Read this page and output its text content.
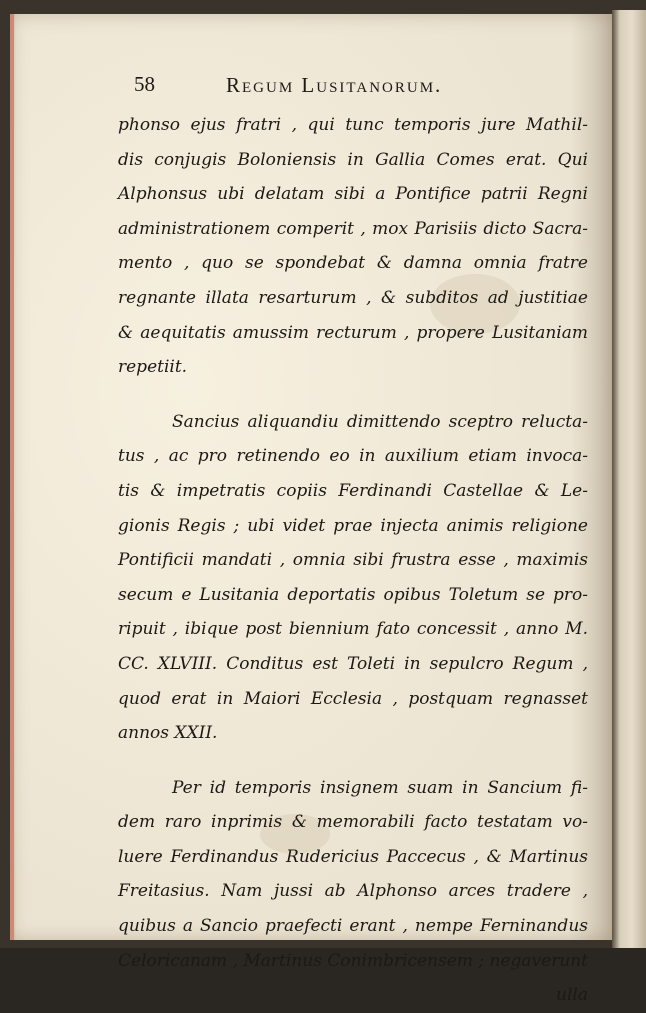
58	Regum Lusitanorum.
phonso ejus fratri , qui tunc temporis jure Mathil-
dis conjugis Boloniensis in Gallia Comes erat. Qui
Alphonsus ubi delatam sibi a Pontifice patrii Regni
administrationem comperit , mox Parisiis dicto Sacra-
mento , quo se spondebat & damna omnia fratre
regnante illata resarturum , & subditos ad justitiae
& aequitatis amussim recturum , propere Lusitaniam
repetiit.
Sancius aliquandiu dimittendo sceptro relucta-
tus , ac pro retinendo eo in auxilium etiam invoca-
tis & impetratis copiis Ferdinandi Castellae & Le-
gionis Regis ; ubi videt prae injecta animis religione
Pontificii mandati , omnia sibi frustra esse , maximis
secum e Lusitania deportatis opibus Toletum se pro-
ripuit , ibique post biennium fato concessit , anno M.
CC. XLVIII. Conditus est Toleti in sepulcro Regum ,
quod erat in Maiori Ecclesia , postquam regnasset
annos XXII.
Per id temporis insignem suam in Sancium fi-
dem raro inprimis & memorabili facto testatam vo-
luere Ferdinandus Rudericius Paccecus , & Martinus
Freitasius. Nam jussi ab Alphonso arces tradere ,
quibus a Sancio praefecti erant , nempe Ferninandus
Celoricanam , Martinus Conimbricensem ; negaverunt
ulla
